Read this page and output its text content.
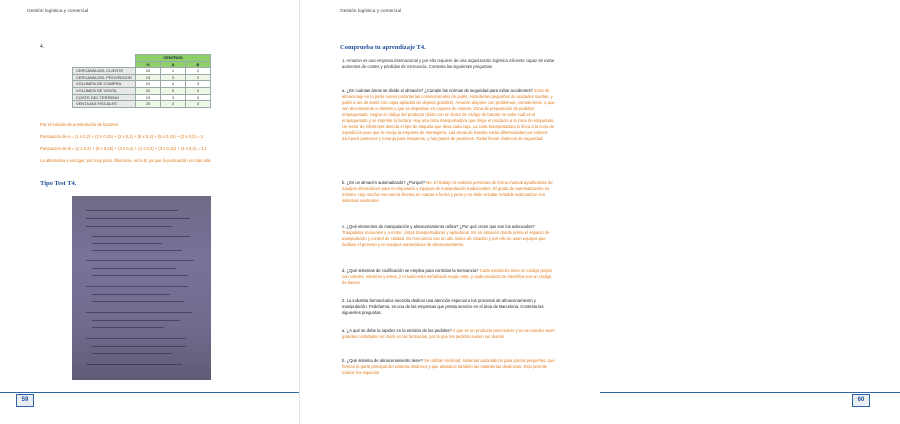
Gestión logística y comercial
4.
	CENTROS		
	%	A	B
CERCANÍA DEL CLIENTE	20	1	2
CERCANÍA DEL PROVEEDOR	15	3	2
VOLUMEN DE COMPRA	10	4	3
VOLUMEN DE VENTA	20	5	2
COSTE DEL TERRENO	15	3	3
VENTAJAS FISCALES	20	2	3
Por el método de ponderación de factores:
Puntuación de A = (1 x 0,2) + (3 x 0,15) + (2 x 0,1) + (5 x 0,2) + (5 x 0,15) + (2 x 0,2) = 3
Puntuación de B = (2 x 0,2) + (5 x 0,15) + (3 x 0,1) + (2 x 0,2) + (3 x 0,15) + (4 x 0,2) = 3,1
La alternativa a escoger, por muy poco diferencia, es la B, ya que la puntuación es más alta.
Tipo Test T4.
59	60
Gestión logística y comercial
Comprueba tu aprendizaje T4.
1. Amazon es una empresa internacional y por ello requiere de una organización logística eficiente capaz de evitar aumentos de costes y pérdidas de mercancía. Contesta las siguientes preguntas.
a. ¿En cuántas áreas se divide el almacén? ¿Cumple las normas de seguridad para evitar accidentes? Zona de almacenaje en la parte nueva (estanterías convencionales de palés, estanterías pequeñas de unidades sueltas, y palés a ras de suelo con cajas apiladas de objetos grandes). Amazon dispone con problemas, normalmente, a que van directamente a clientes y que se depositan en cajones de colores. Zona de preparación de pedidos: empaquetado. Según el código del producto (leído con un lector de código de barras) se valor cuál es el empaquetado y se imprime la factura. Hay una cinta transportadora que dirige el producto a la zona de etiquetado. Un lector de infrarrojos detecta el tipo de etiqueta que lleva cada caja. La cinta transportadora lo lleva a la zona de expedición para que lo recoja la empresa de mensajería. Las áreas de tránsito están diferenciadas por colores: azul para peatones y naranja para máquinas, y hay pasos de peatones. Todas llevan chalecos de seguridad.
b. ¿Es un almacén automatizado? ¿Porqué? No. El trabajo lo realizan personas de forma manual ayudándose de equipos informáticos para el etiquetado y equipos de manipulación tradicionales. El grado de automatización es mínimo. Hay mucha mercancía diversa en cuanto a forma y peso y no debe resultar rentable automatizar con sistemas existentes.
c. ¿Qué elementos de manipulación y almacenamiento utiliza? ¿Por qué crees que son los adecuados? Traspaletas manuales y a motor, cintas transportadoras y apiladoras. En un almacén donde prima el espacio de manipulación y control de calidad. Es mercancía con un alto índice de rotación y por ello se usan equipos que facilitan el proceso y no equipos automáticos de almacenamiento.
d. ¿Qué sistemas de codificación se emplea para controlar la mercancía? Cada estantería tiene un código propio con colores, números y letras, y el suelo está señalizado según este, y cada producto se identifica con un código de barras.
2. La industria farmacéutica necesita dedicar una atención especial a los procesos de almacenamiento y manipulación. Fedefarma, es una de las empresas que presta servicio en el área de Barcelona. Contesta las siguientes preguntas.
a. ¿A qué se debe la rapidez en la emisión de los pedidos? A que es un producto perecedero y no se pueden tener grandes cantidades en stock en las farmacias, por lo que los pedidos suelen ser diarios.
b. ¿Qué sistema de almacenamiento tiene? Se utilizan miniload, sistemas automáticos para piezas pequeñas, que forman la parte principal del sistema dinámico y que abastece también las estanterías dinámicas. Esto permite reducir los espacios
